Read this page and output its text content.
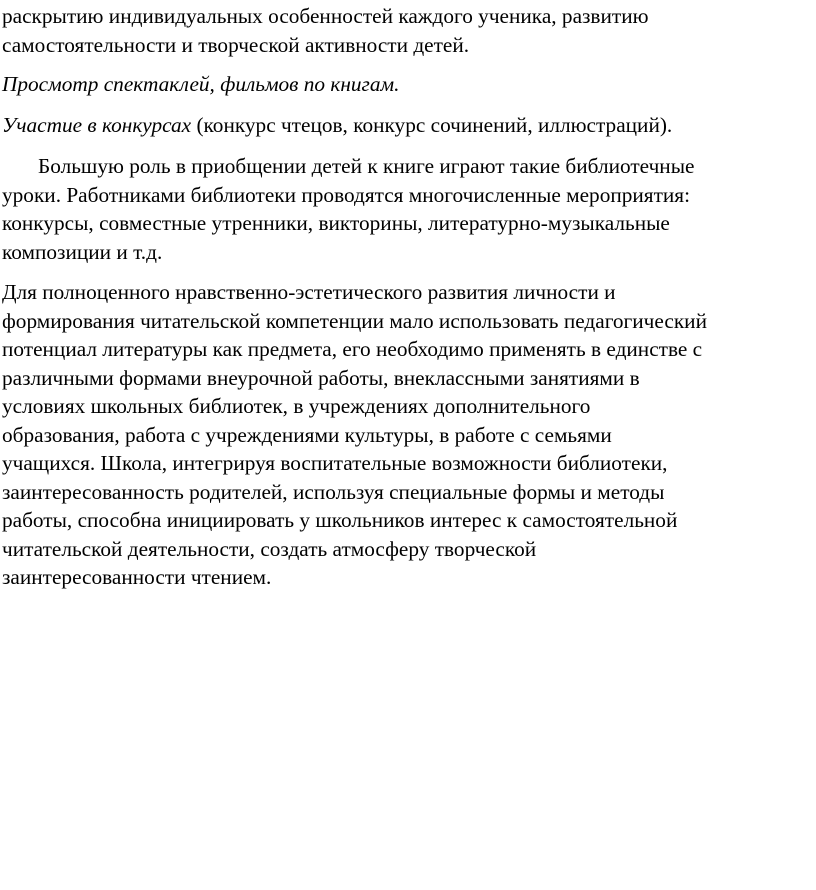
раскрытию индивидуальных особенностей каждого ученика, развитию
самостоятельности и творческой активности детей.

Просмотр спектаклей, фильмов по книгам.

Участие в конкурсах (конкурс чтецов, конкурс сочинений, иллюстраций).

Большую роль в приобщении детей к книге играют такие библиотечные
уроки. Работниками библиотеки проводятся многочисленные мероприятия:
конкурсы, совместные утренники, викторины, литературно-музыкальные
композиции и т.д.

Для полноценного нравственно-эстетического развития личности и
формирования читательской компетенции мало использовать педагогический
потенциал литературы как предмета, его необходимо применять в единстве с
различными формами внеурочной работы, внеклассными занятиями в
условиях школьных библиотек, в учреждениях дополнительного
образования, работа с учреждениями культуры, в работе с семьями
учащихся. Школа, интегрируя воспитательные возможности библиотеки,
заинтересованность родителей, используя специальные формы и методы
работы, способна инициировать у школьников интерес к самостоятельной
читательской деятельности, создать атмосферу творческой
заинтересованности чтением.
